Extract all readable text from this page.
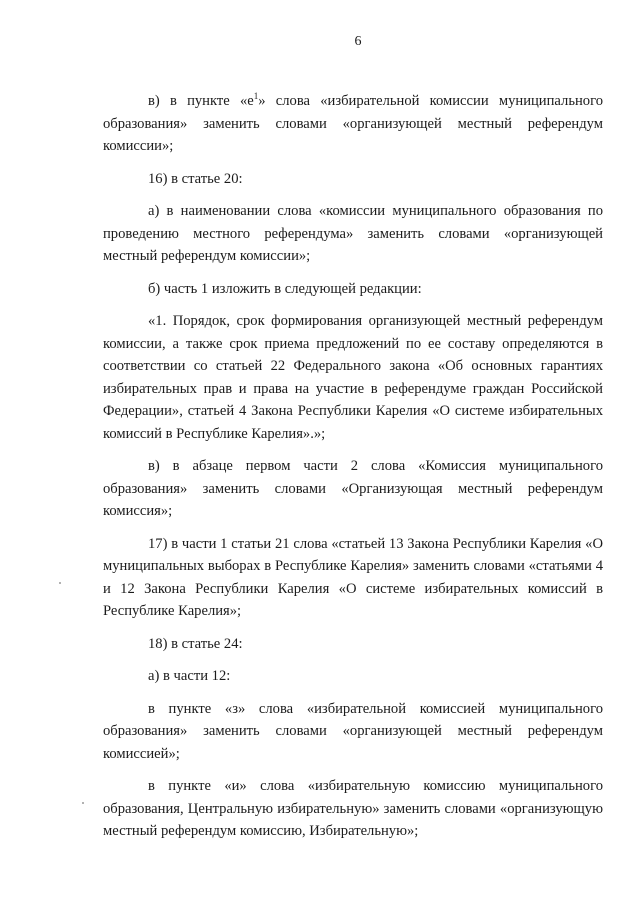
6

в) в пункте «$е^1$» слова «избирательной комиссии муниципального образования» заменить словами «организующей местный референдум комиссии»;

16) в статье 20:

а) в наименовании слова «комиссии муниципального образования по проведению местного референдума» заменить словами «организующей местный референдум комиссии»;

б) часть 1 изложить в следующей редакции:

«1. Порядок, срок формирования организующей местный референдум комиссии, а также срок приема предложений по ее составу определяются в соответствии со статьей 22 Федерального закона «Об основных гарантиях избирательных прав и права на участие в референдуме граждан Российской Федерации», статьей 4 Закона Республики Карелия «О системе избирательных комиссий в Республике Карелия».»;

в) в абзаце первом части 2 слова «Комиссия муниципального образования» заменить словами «Организующая местный референдум комиссия»;

17) в части 1 статьи 21 слова «статьей 13 Закона Республики Карелия «О муниципальных выборах в Республике Карелия» заменить словами «статьями 4 и 12 Закона Республики Карелия «О системе избирательных комиссий в Республике Карелия»;

18) в статье 24:

а) в части 12:

в пункте «з» слова «избирательной комиссией муниципального образования» заменить словами «организующей местный референдум комиссией»;

в пункте «и» слова «избирательную комиссию муниципального образования, Центральную избирательную» заменить словами «организующую местный референдум комиссию, Избирательную»;
